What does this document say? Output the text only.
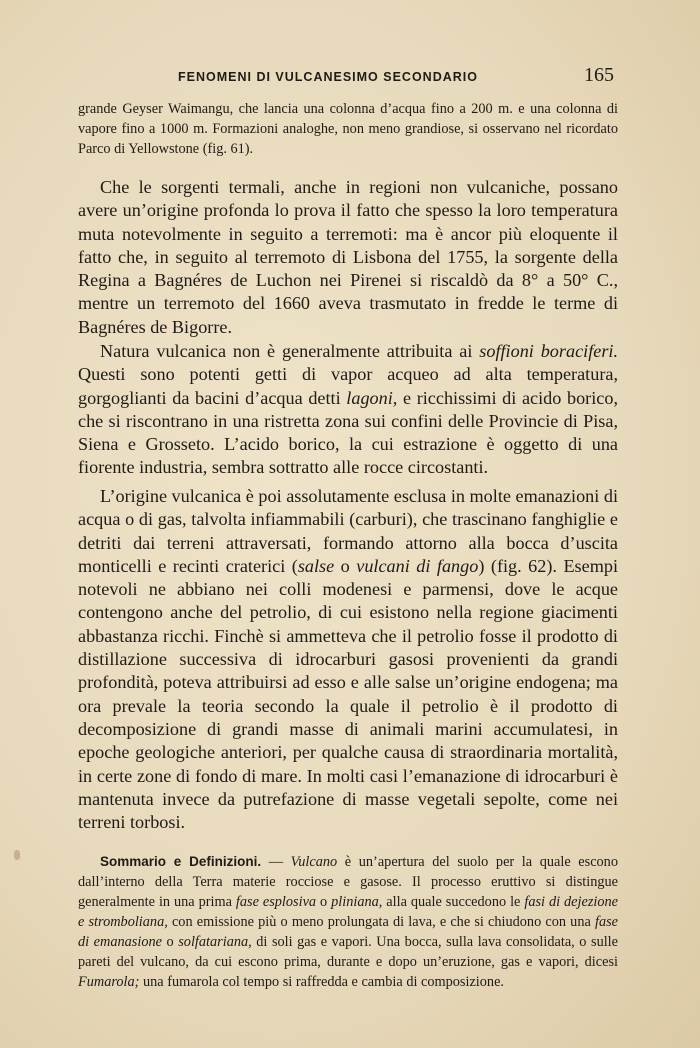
FENOMENI DI VULCANESIMO SECONDARIO	165

grande Geyser Waimangu, che lancia una colonna d’acqua fino a 200 m. e una colonna di vapore fino a 1000 m. Formazioni analoghe, non meno grandiose, si osservano nel ricordato Parco di Yellowstone (fig. 61).

Che le sorgenti termali, anche in regioni non vulcaniche, possano avere un’origine profonda lo prova il fatto che spesso la loro temperatura muta notevolmente in seguito a terremoti: ma è ancor più eloquente il fatto che, in seguito al terremoto di Lisbona del 1755, la sorgente della Regina a Bagnéres de Luchon nei Pirenei si riscaldò da 8° a 50° C., mentre un terremoto del 1660 aveva trasmutato in fredde le terme di Bagnéres de Bigorre.

Natura vulcanica non è generalmente attribuita ai soffioni boraciferi. Questi sono potenti getti di vapor acqueo ad alta temperatura, gorgoglianti da bacini d’acqua detti lagoni, e ricchissimi di acido borico, che si riscontrano in una ristretta zona sui confini delle Provincie di Pisa, Siena e Grosseto. L’acido borico, la cui estrazione è oggetto di una fiorente industria, sembra sottratto alle rocce circostanti.

L’origine vulcanica è poi assolutamente esclusa in molte emanazioni di acqua o di gas, talvolta infiammabili (carburi), che trascinano fanghiglie e detriti dai terreni attraversati, formando attorno alla bocca d’uscita monticelli e recinti craterici (salse o vulcani di fango) (fig. 62). Esempi notevoli ne abbiano nei colli modenesi e parmensi, dove le acque contengono anche del petrolio, di cui esistono nella regione giacimenti abbastanza ricchi. Finchè si ammetteva che il petrolio fosse il prodotto di distillazione successiva di idrocarburi gasosi provenienti da grandi profondità, poteva attribuirsi ad esso e alle salse un’origine endogena; ma ora prevale la teoria secondo la quale il petrolio è il prodotto di decomposizione di grandi masse di animali marini accumulatesi, in epoche geologiche anteriori, per qualche causa di straordinaria mortalità, in certe zone di fondo di mare. In molti casi l’emanazione di idrocarburi è mantenuta invece da putrefazione di masse vegetali sepolte, come nei terreni torbosi.

Sommario e Definizioni. — Vulcano è un’apertura del suolo per la quale escono dall’interno della Terra materie rocciose e gasose. Il processo eruttivo si distingue generalmente in una prima fase esplosiva o pliniana, alla quale succedono le fasi di dejezione e stromboliana, con emissione più o meno prolungata di lava, e che si chiudono con una fase di emanasione o solfatariana, di soli gas e vapori. Una bocca, sulla lava consolidata, o sulle pareti del vulcano, da cui escono prima, durante e dopo un’eruzione, gas e vapori, dicesi Fumarola; una fumarola col tempo si raffredda e cambia di composizione.
